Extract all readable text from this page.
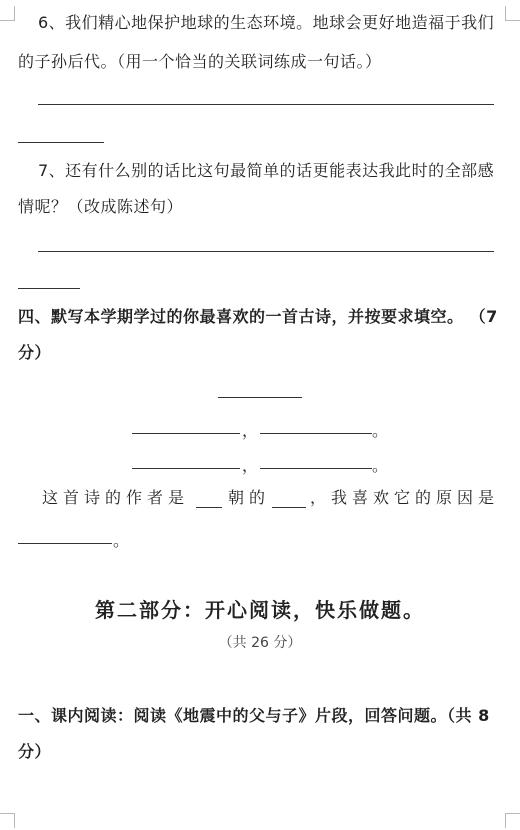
6、我们精心地保护地球的生态环境。地球会更好地造福于我们
的子孙后代。（用一个恰当的关联词练成一句话。）
7、还有什么别的话比这句最简单的话更能表达我此时的全部感
情呢？（改成陈述句）
四、默写本学期学过的你最喜欢的一首古诗，并按要求填空。 （7
分）
，	。
，	。
这首诗的作者是 朝的 ，我喜欢它的原因是
。
第二部分：开心阅读，快乐做题。
（共 26 分）
一、课内阅读：阅读《地震中的父与子》片段，回答问题。（共 8
分）
